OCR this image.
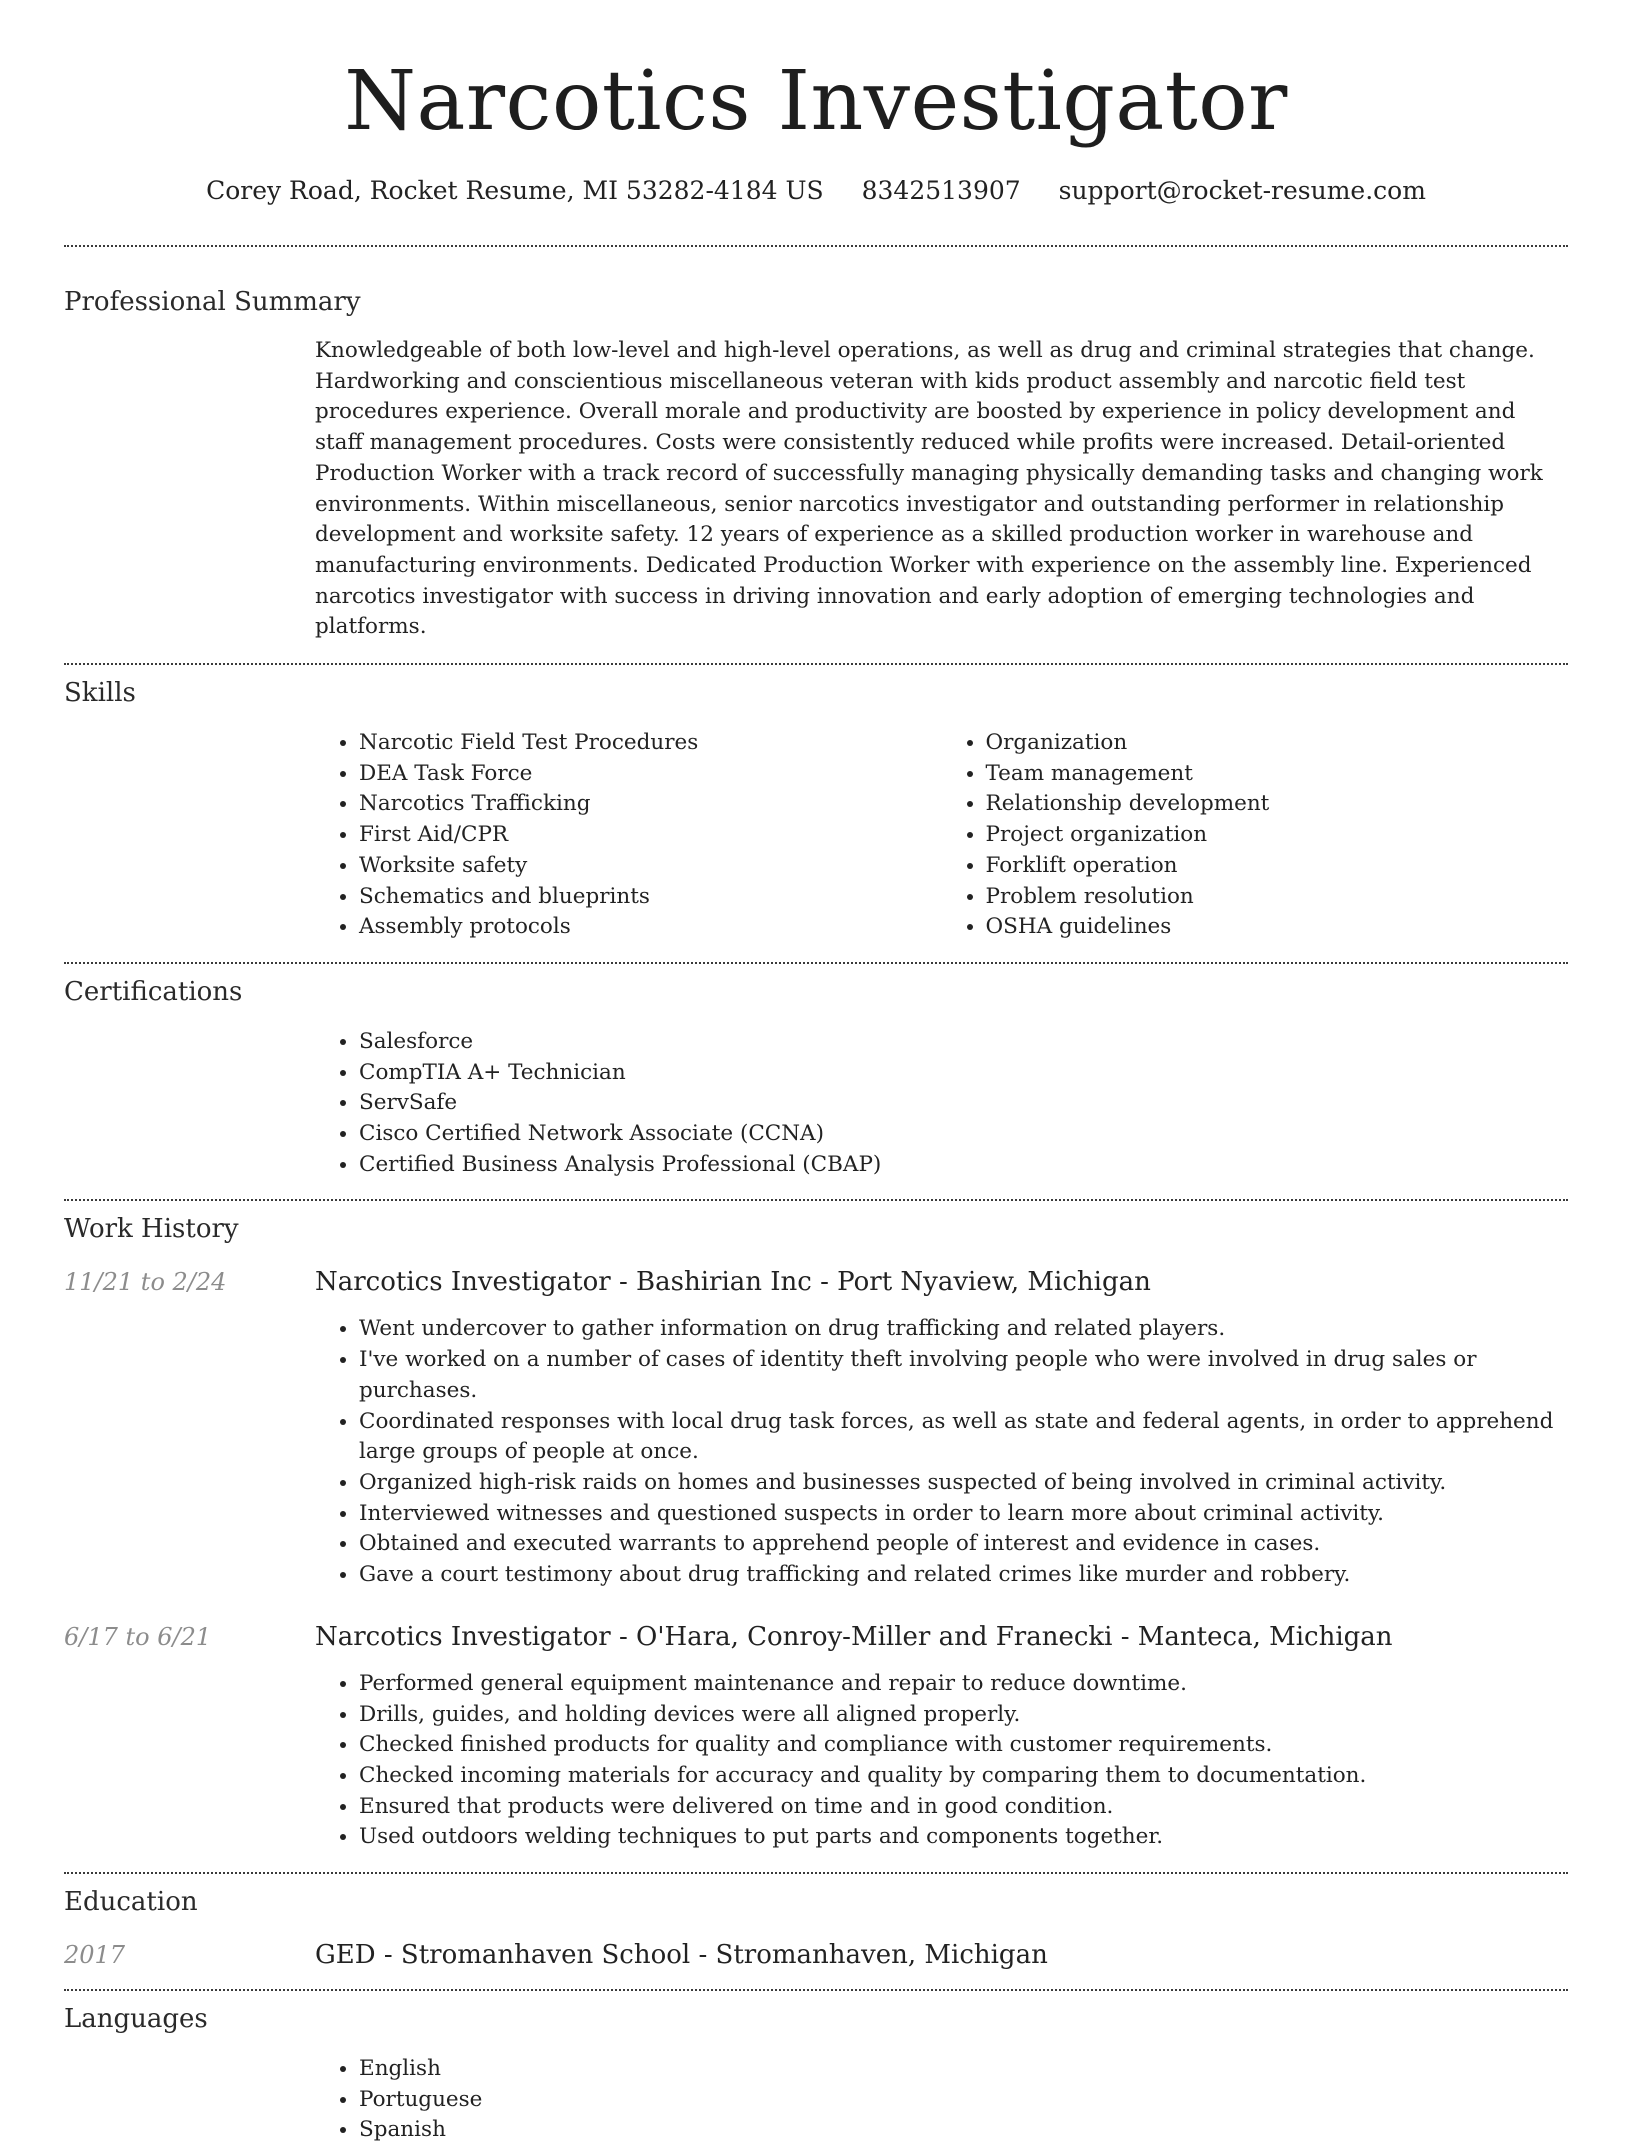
Narcotics Investigator
Corey Road, Rocket Resume, MI 53282-4184 US 8342513907 support@rocket-resume.com
Professional Summary

Knowledgeable of both low-level and high-level operations, as well as drug and criminal strategies that change. Hardworking and conscientious miscellaneous veteran with kids product assembly and narcotic field test procedures experience. Overall morale and productivity are boosted by experience in policy development and staff management procedures. Costs were consistently reduced while profits were increased. Detail-oriented Production Worker with a track record of successfully managing physically demanding tasks and changing work environments. Within miscellaneous, senior narcotics investigator and outstanding performer in relationship development and worksite safety. 12 years of experience as a skilled production worker in warehouse and manufacturing environments. Dedicated Production Worker with experience on the assembly line. Experienced narcotics investigator with success in driving innovation and early adoption of emerging technologies and platforms.

Skills
• Narcotic Field Test Procedures
• DEA Task Force
• Narcotics Trafficking
• First Aid/CPR
• Worksite safety
• Schematics and blueprints
• Assembly protocols
• Organization
• Team management
• Relationship development
• Project organization
• Forklift operation
• Problem resolution
• OSHA guidelines
Certifications
• Salesforce
• CompTIA A+ Technician
• ServSafe
• Cisco Certified Network Associate (CCNA)
• Certified Business Analysis Professional (CBAP)
Work History
11/21 to 2/24	Narcotics Investigator - Bashirian Inc - Port Nyaview, Michigan
• Went undercover to gather information on drug trafficking and related players.
• I've worked on a number of cases of identity theft involving people who were involved in drug sales or purchases.
• Coordinated responses with local drug task forces, as well as state and federal agents, in order to apprehend large groups of people at once.
• Organized high-risk raids on homes and businesses suspected of being involved in criminal activity.
• Interviewed witnesses and questioned suspects in order to learn more about criminal activity.
• Obtained and executed warrants to apprehend people of interest and evidence in cases.
• Gave a court testimony about drug trafficking and related crimes like murder and robbery.
6/17 to 6/21	Narcotics Investigator - O'Hara, Conroy-Miller and Franecki - Manteca, Michigan
• Performed general equipment maintenance and repair to reduce downtime.
• Drills, guides, and holding devices were all aligned properly.
• Checked finished products for quality and compliance with customer requirements.
• Checked incoming materials for accuracy and quality by comparing them to documentation.
• Ensured that products were delivered on time and in good condition.
• Used outdoors welding techniques to put parts and components together.
Education
2017	GED - Stromanhaven School - Stromanhaven, Michigan
Languages
• English
• Portuguese
• Spanish
